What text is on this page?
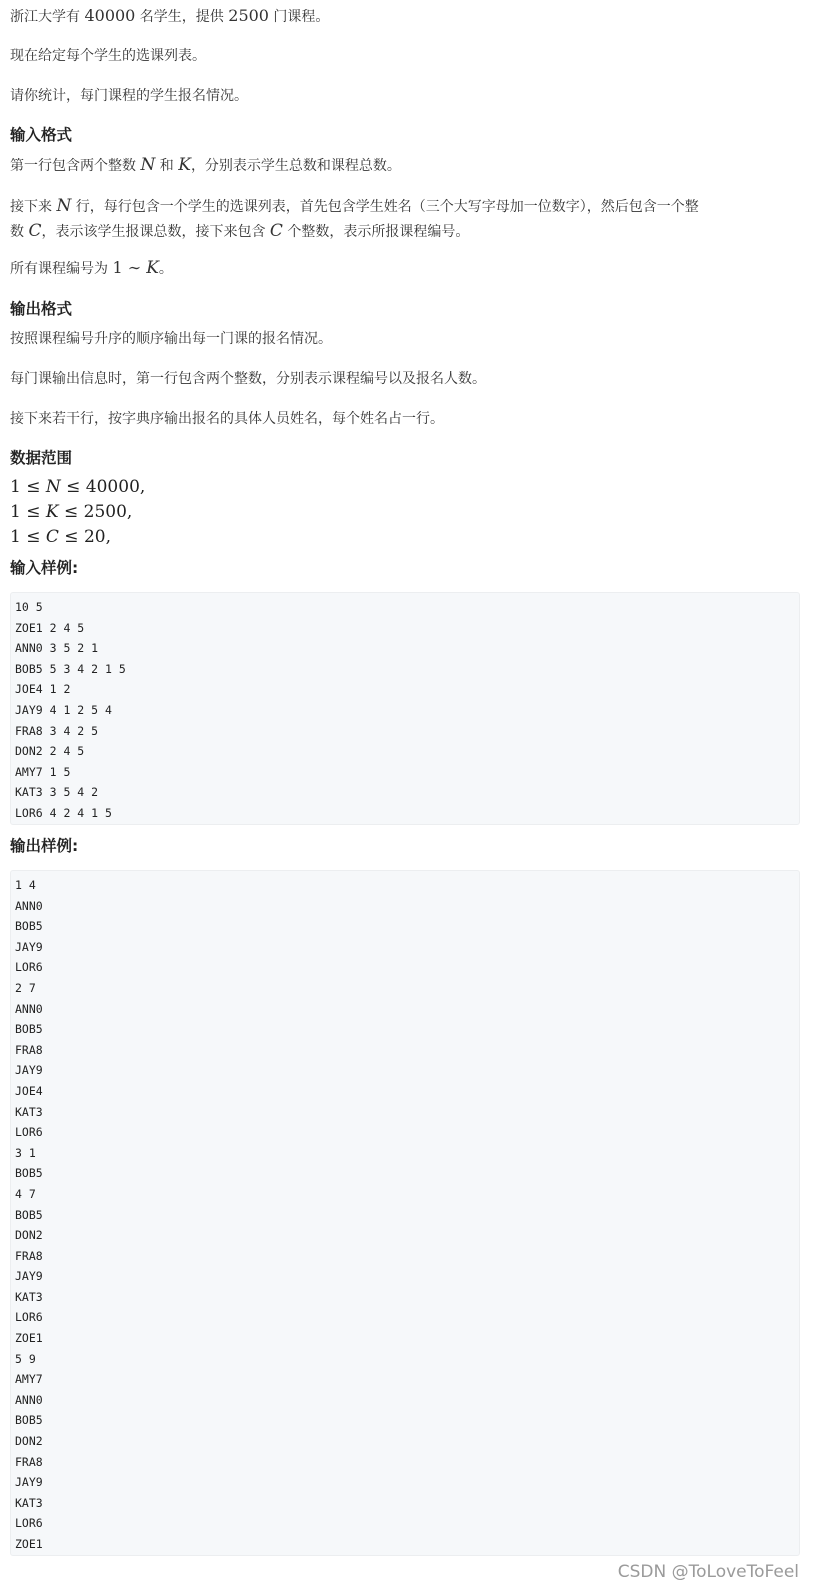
浙江大学有 40000 名学生，提供 2500 门课程。

现在给定每个学生的选课列表。

请你统计，每门课程的学生报名情况。

输入格式

第一行包含两个整数 N 和 K，分别表示学生总数和课程总数。

接下来 N 行，每行包含一个学生的选课列表，首先包含学生姓名（三个大写字母加一位数字），然后包含一个整
数 C，表示该学生报课总数，接下来包含 C 个整数，表示所报课程编号。

所有课程编号为 1 ∼ K。

输出格式

按照课程编号升序的顺序输出每一门课的报名情况。

每门课输出信息时，第一行包含两个整数，分别表示课程编号以及报名人数。

接下来若干行，按字典序输出报名的具体人员姓名，每个姓名占一行。

数据范围

1 ≤ N ≤ 40000,

1 ≤ K ≤ 2500,

1 ≤ C ≤ 20,

输入样例:
10 5
ZOE1 2 4 5
ANN0 3 5 2 1
BOB5 5 3 4 2 1 5
JOE4 1 2
JAY9 4 1 2 5 4
FRA8 3 4 2 5
DON2 2 4 5
AMY7 1 5
KAT3 3 5 4 2
LOR6 4 2 4 1 5
输出样例:
1 4
ANN0
BOB5
JAY9
LOR6
2 7
ANN0
BOB5
FRA8
JAY9
JOE4
KAT3
LOR6
3 1
BOB5
4 7
BOB5
DON2
FRA8
JAY9
KAT3
LOR6
ZOE1
5 9
AMY7
ANN0
BOB5
DON2
FRA8
JAY9
KAT3
LOR6
ZOE1
CSDN @ToLoveToFeel
